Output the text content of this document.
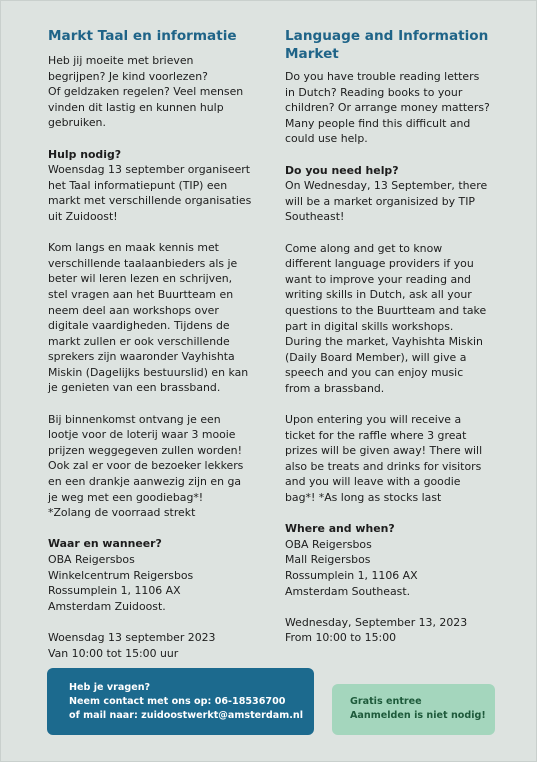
Markt Taal en informatie

Heb jij moeite met brieven
begrijpen? Je kind voorlezen?
Of geldzaken regelen? Veel mensen
vinden dit lastig en kunnen hulp
gebruiken.

Hulp nodig?

Woensdag 13 september organiseert
het Taal informatiepunt (TIP) een
markt met verschillende organisaties
uit Zuidoost!

Kom langs en maak kennis met
verschillende taalaanbieders als je
beter wil leren lezen en schrijven,
stel vragen aan het Buurtteam en
neem deel aan workshops over
digitale vaardigheden. Tijdens de
markt zullen er ook verschillende
sprekers zijn waaronder Vayhishta
Miskin (Dagelijks bestuurslid) en kan
je genieten van een brassband.

Bij binnenkomst ontvang je een
lootje voor de loterij waar 3 mooie
prijzen weggegeven zullen worden!
Ook zal er voor de bezoeker lekkers
en een drankje aanwezig zijn en ga
je weg met een goodiebag*!
*Zolang de voorraad strekt

Waar en wanneer?

OBA Reigersbos
Winkelcentrum Reigersbos
Rossumplein 1, 1106 AX
Amsterdam Zuidoost.

Woensdag 13 september 2023
Van 10:00 tot 15:00 uur

Language and Information
Market

Do you have trouble reading letters
in Dutch? Reading books to your
children? Or arrange money matters?
Many people find this difficult and
could use help.

Do you need help?

On Wednesday, 13 September, there
will be a market organisized by TIP
Southeast!

Come along and get to know
different language providers if you
want to improve your reading and
writing skills in Dutch, ask all your
questions to the Buurtteam and take
part in digital skills workshops.
During the market, Vayhishta Miskin
(Daily Board Member), will give a
speech and you can enjoy music
from a brassband.

Upon entering you will receive a
ticket for the raffle where 3 great
prizes will be given away! There will
also be treats and drinks for visitors
and you will leave with a goodie
bag*! *As long as stocks last

Where and when?

OBA Reigersbos
Mall Reigersbos
Rossumplein 1, 1106 AX
Amsterdam Southeast.

Wednesday, September 13, 2023
From 10:00 to 15:00

Heb je vragen?
Neem contact met ons op: 06-18536700
of mail naar: zuidoostwerkt@amsterdam.nl
Gratis entree
Aanmelden is niet nodig!
